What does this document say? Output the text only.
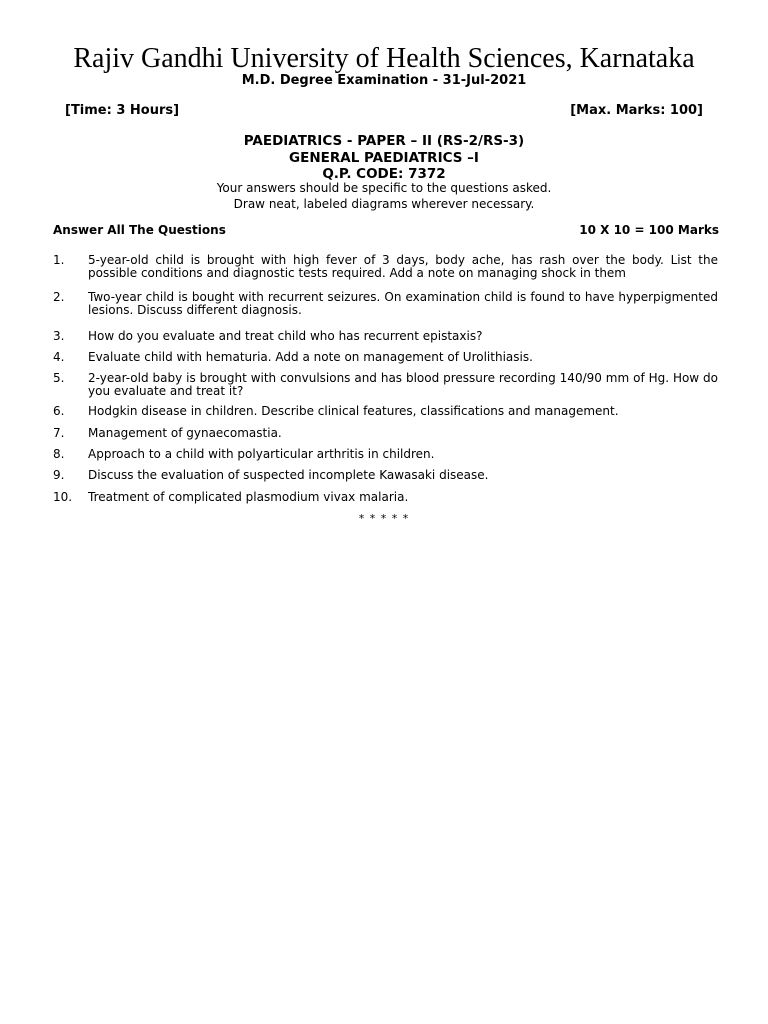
Rajiv Gandhi University of Health Sciences, Karnataka
M.D. Degree Examination - 31-Jul-2021
[Time: 3 Hours]	[Max. Marks: 100]
PAEDIATRICS - PAPER – II (RS-2/RS-3)
GENERAL PAEDIATRICS –I
Q.P. CODE: 7372
Your answers should be specific to the questions asked.
Draw neat, labeled diagrams wherever necessary.
Answer All The Questions	10 X 10 = 100 Marks
1.	5-year-old child is brought with high fever of 3 days, body ache, has rash over the body. List the possible conditions and diagnostic tests required. Add a note on managing shock in them
2.	Two-year child is bought with recurrent seizures. On examination child is found to have hyperpigmented lesions. Discuss different diagnosis.
3.	How do you evaluate and treat child who has recurrent epistaxis?
4.	Evaluate child with hematuria. Add a note on management of Urolithiasis.
5.	2-year-old baby is brought with convulsions and has blood pressure recording 140/90 mm of Hg. How do you evaluate and treat it?
6.	Hodgkin disease in children. Describe clinical features, classifications and management.
7.	Management of gynaecomastia.
8.	Approach to a child with polyarticular arthritis in children.
9.	Discuss the evaluation of suspected incomplete Kawasaki disease.
10.	Treatment of complicated plasmodium vivax malaria.
* * * * *
